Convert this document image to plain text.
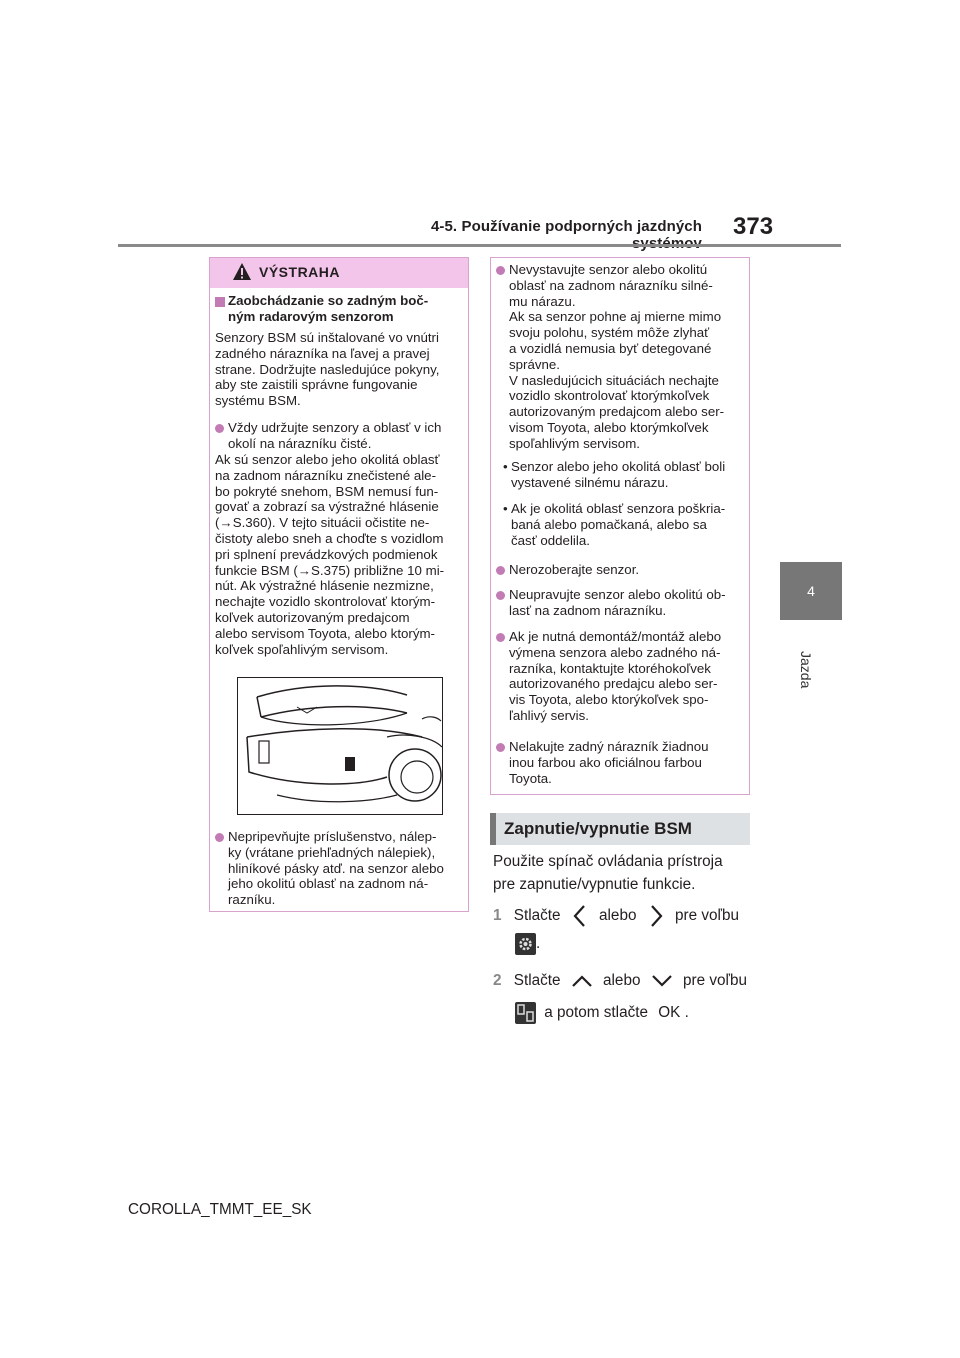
4-5. Používanie podporných jazdných 373
4
Jazda
VÝSTRAHA
Zaobchádzanie so zadným boč-
ným radarovým senzorom
Senzory BSM sú inštalované vo vnútri
zadného nárazníka na ľavej a pravej
strane. Dodržujte nasledujúce pokyny,
aby ste zaistili správne fungovanie
systému BSM.
Vždy udržujte senzory a oblasť v ich
okolí na nárazníku čisté.
Ak sú senzor alebo jeho okolitá oblasť
na zadnom nárazníku znečistené ale-
bo pokryté snehom, BSM nemusí fun-
govať a zobrazí sa výstražné hlásenie
(→S.360). V tejto situácii očistite ne-
čistoty alebo sneh a choďte s vozidlom
pri splnení prevádzkových podmienok
funkcie BSM (→S.375) približne 10 mi-
nút. Ak výstražné hlásenie nezmizne,
nechajte vozidlo skontrolovať ktorým-
koľvek autorizovaným predajcom
alebo servisom Toyota, alebo ktorým-
koľvek spoľahlivým servisom.
Nepripevňujte príslušenstvo, nálep-
ky (vrátane priehľadných nálepiek),
hliníkové pásky atď. na senzor alebo
jeho okolitú oblasť na zadnom ná-
razníku.
Nevystavujte senzor alebo okolitú
oblasť na zadnom nárazníku silné-
mu nárazu.
Ak sa senzor pohne aj mierne mimo
svoju polohu, systém môže zlyhať
a vozidlá nemusia byť detegované
správne.
V nasledujúcich situáciách nechajte
vozidlo skontrolovať ktorýmkoľvek
autorizovaným predajcom alebo ser-
visom Toyota, alebo ktorýmkoľvek
spoľahlivým servisom.
• Senzor alebo jeho okolitá oblasť boli
vystavené silnému nárazu.
• Ak je okolitá oblasť senzora poškria-
baná alebo pomačkaná, alebo sa
časť oddelila.
Nerozoberajte senzor.
Neupravujte senzor alebo okolitú ob-
lasť na zadnom nárazníku.
Ak je nutná demontáž/montáž alebo
výmena senzora alebo zadného ná-
razníka, kontaktujte ktoréhokoľvek
autorizovaného predajcu alebo ser-
vis Toyota, alebo ktorýkoľvek spo-
ľahlivý servis.
Nelakujte zadný nárazník žiadnou
inou farbou ako oficiálnou farbou
Toyota.
Zapnutie/vypnutie BSM
Použite spínač ovládania prístroja
pre zapnutie/vypnutie funkcie.
1 Stlačte	alebo	pre voľbu
.
2 Stlačte	alebo	pre voľbu
a potom stlačte OK .
COROLLA_TMMT_EE_SK
